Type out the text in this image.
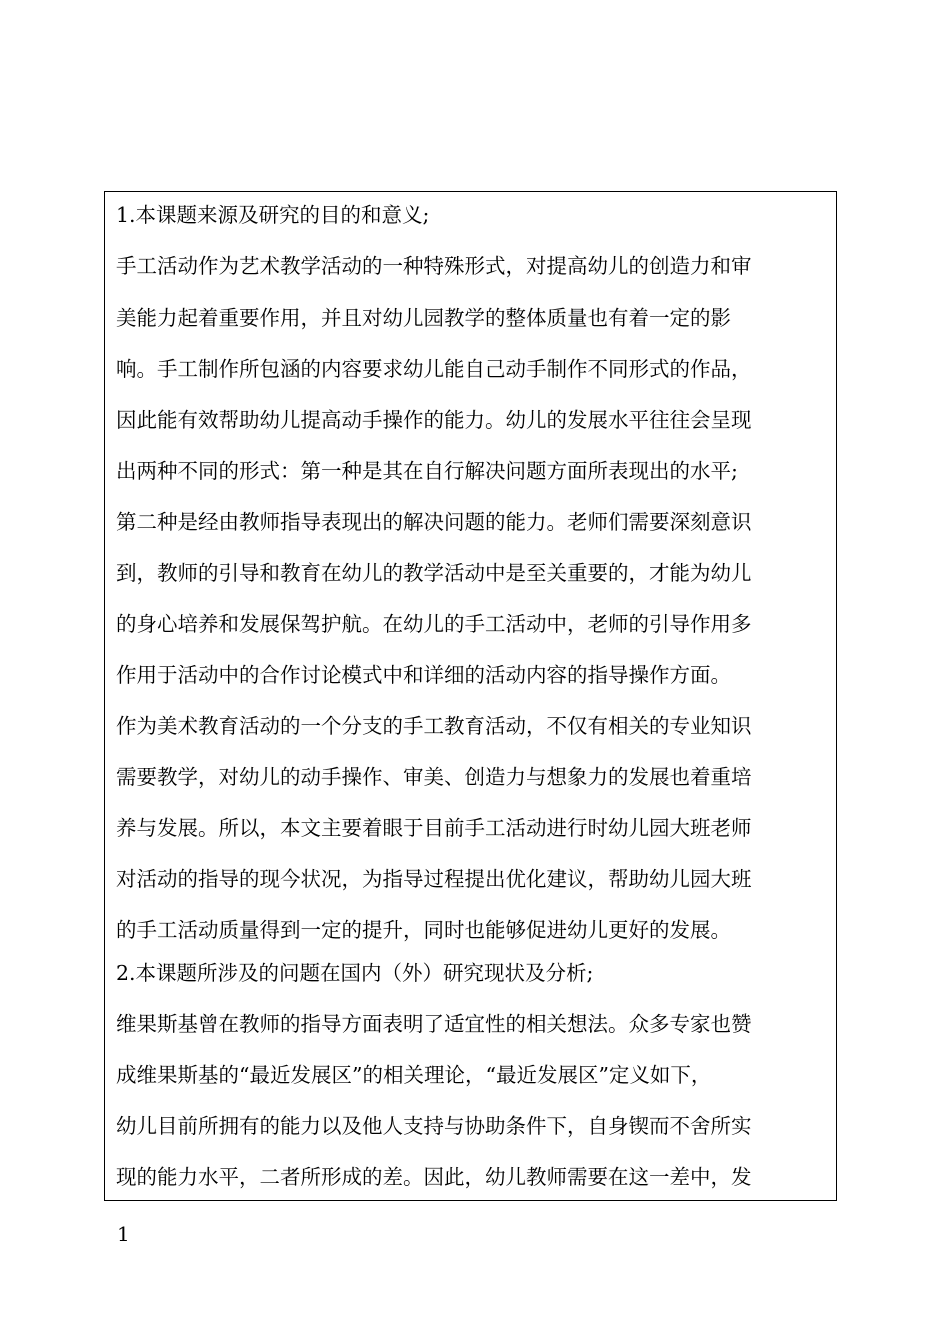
1.本课题来源及研究的目的和意义;
手工活动作为艺术教学活动的一种特殊形式，对提高幼儿的创造力和审
美能力起着重要作用，并且对幼儿园教学的整体质量也有着一定的影
响。手工制作所包涵的内容要求幼儿能自己动手制作不同形式的作品，
因此能有效帮助幼儿提高动手操作的能力。幼儿的发展水平往往会呈现
出两种不同的形式：第一种是其在自行解决问题方面所表现出的水平;
第二种是经由教师指导表现出的解决问题的能力。老师们需要深刻意识
到，教师的引导和教育在幼儿的教学活动中是至关重要的，才能为幼儿
的身心培养和发展保驾护航。在幼儿的手工活动中，老师的引导作用多
作用于活动中的合作讨论模式中和详细的活动内容的指导操作方面。
作为美术教育活动的一个分支的手工教育活动，不仅有相关的专业知识
需要教学，对幼儿的动手操作、审美、创造力与想象力的发展也着重培
养与发展。所以，本文主要着眼于目前手工活动进行时幼儿园大班老师
对活动的指导的现今状况，为指导过程提出优化建议，帮助幼儿园大班
的手工活动质量得到一定的提升，同时也能够促进幼儿更好的发展。
2.本课题所涉及的问题在国内（外）研究现状及分析;
维果斯基曾在教师的指导方面表明了适宜性的相关想法。众多专家也赞
成维果斯基的“最近发展区”的相关理论，“最近发展区”定义如下，
幼儿目前所拥有的能力以及他人支持与协助条件下，自身锲而不舍所实
现的能力水平，二者所形成的差。因此，幼儿教师需要在这一差中，发
1
